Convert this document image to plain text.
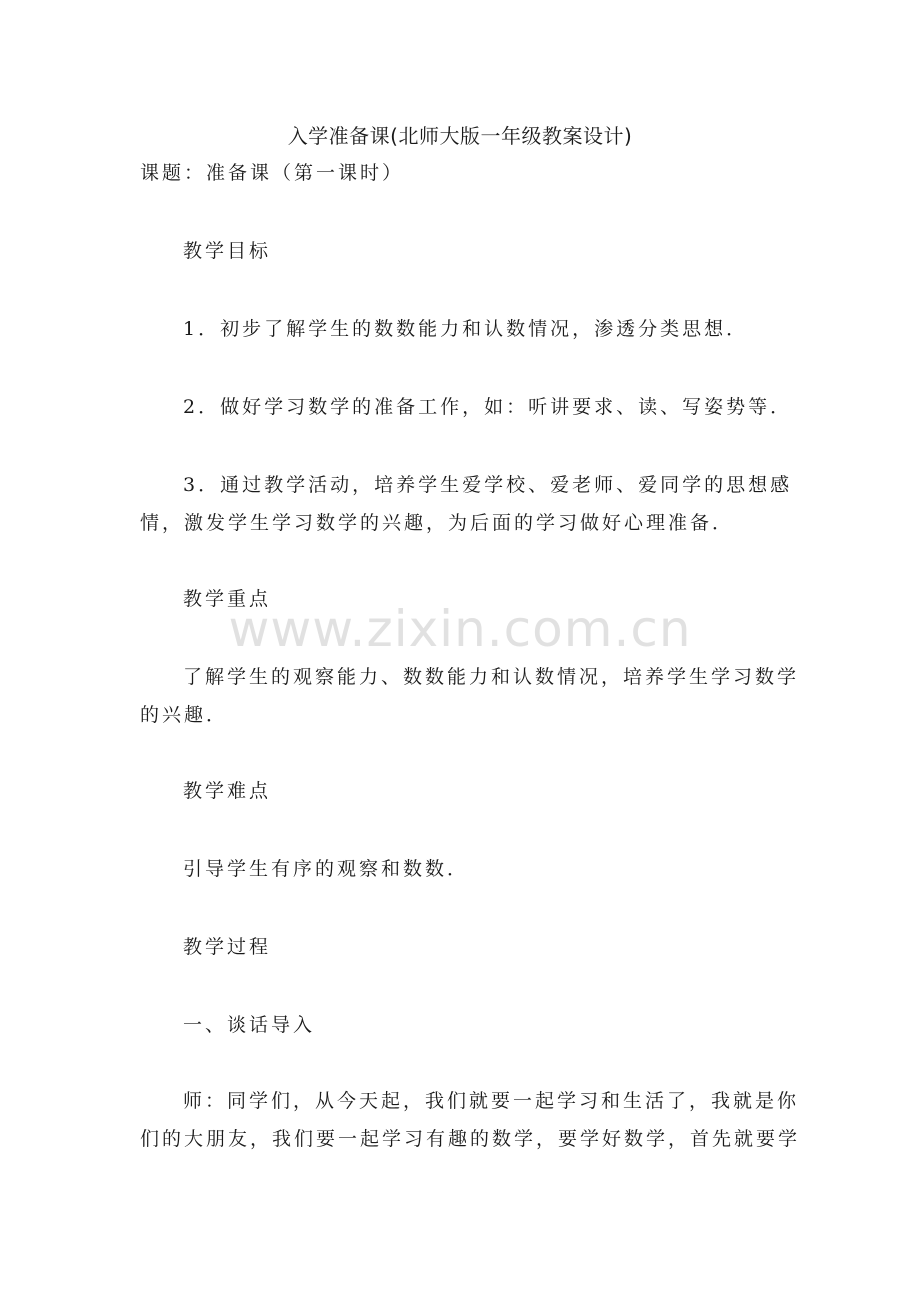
入学准备课(北师大版一年级教案设计)
课题：准备课（第一课时）
教学目标
1．初步了解学生的数数能力和认数情况，渗透分类思想．
2．做好学习数学的准备工作，如：听讲要求、读、写姿势等．
3．通过教学活动，培养学生爱学校、爱老师、爱同学的思想感
情，激发学生学习数学的兴趣，为后面的学习做好心理准备．
教学重点
了解学生的观察能力、数数能力和认数情况，培养学生学习数学
的兴趣．
教学难点
引导学生有序的观察和数数．
教学过程
一、谈话导入
师：同学们，从今天起，我们就要一起学习和生活了，我就是你
们的大朋友，我们要一起学习有趣的数学，要学好数学，首先就要学
www.zixin.com.cn
